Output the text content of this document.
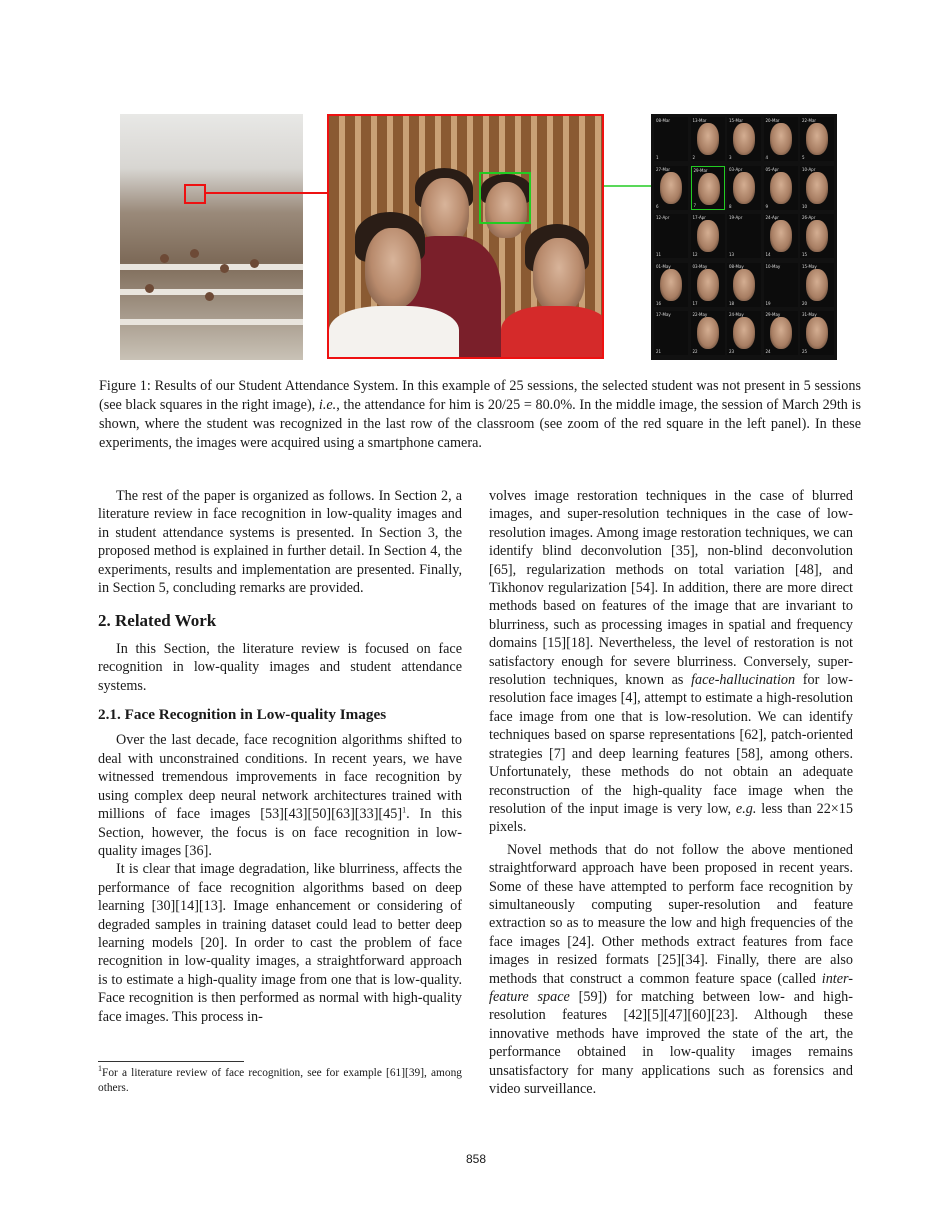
08-Mar
1
13-Mar
2
15-Mar
3
20-Mar
4
22-Mar
5
27-Mar
6
29-Mar
7
03-Apr
8
05-Apr
9
10-Apr
10
12-Apr
11
17-Apr
12
19-Apr
13
24-Apr
14
26-Apr
15
01-May
16
03-May
17
08-May
18
10-May
19
15-May
20
17-May
21
22-May
22
24-May
23
29-May
24
31-May
25
Figure 1: Results of our Student Attendance System. In this example of 25 sessions, the selected student was not present in 5 sessions (see black squares in the right image), i.e., the attendance for him is 20/25 = 80.0%. In the middle image, the session of March 29th is shown, where the student was recognized in the last row of the classroom (see zoom of the red square in the left panel). In these experiments, the images were acquired using a smartphone camera.

The rest of the paper is organized as follows. In Section 2, a literature review in face recognition in low-quality images and in student attendance systems is presented. In Section 3, the proposed method is explained in further detail. In Section 4, the experiments, results and implementation are presented. Finally, in Section 5, concluding remarks are provided.

2. Related Work

In this Section, the literature review is focused on face recognition in low-quality images and student attendance systems.

2.1. Face Recognition in Low-quality Images

Over the last decade, face recognition algorithms shifted to deal with unconstrained conditions. In recent years, we have witnessed tremendous improvements in face recognition by using complex deep neural network architectures trained with millions of face images $[53][43][50][63][33][45]^1$. In this Section, however, the focus is on face recognition in low-quality images [36].

It is clear that image degradation, like blurriness, affects the performance of face recognition algorithms based on deep learning [30][14][13]. Image enhancement or considering of degraded samples in training dataset could lead to better deep learning models [20]. In order to cast the problem of face recognition in low-quality images, a straightforward approach is to estimate a high-quality image from one that is low-quality. Face recognition is then performed as normal with high-quality face images. This process in-

$^1$For a literature review of face recognition, see for example [61][39], among others.

volves image restoration techniques in the case of blurred images, and super-resolution techniques in the case of low-resolution images. Among image restoration techniques, we can identify blind deconvolution [35], non-blind deconvolution [65], regularization methods on total variation [48], and Tikhonov regularization [54]. In addition, there are more direct methods based on features of the image that are invariant to blurriness, such as processing images in spatial and frequency domains [15][18]. Nevertheless, the level of restoration is not satisfactory enough for severe blurriness. Conversely, super-resolution techniques, known as face-hallucination for low-resolution face images [4], attempt to estimate a high-resolution face image from one that is low-resolution. We can identify techniques based on sparse representations [62], patch-oriented strategies [7] and deep learning features [58], among others. Unfortunately, these methods do not obtain an adequate reconstruction of the high-quality face image when the resolution of the input image is very low, e.g. less than 22×15 pixels.

Novel methods that do not follow the above mentioned straightforward approach have been proposed in recent years. Some of these have attempted to perform face recognition by simultaneously computing super-resolution and feature extraction so as to measure the low and high frequencies of the face images [24]. Other methods extract features from face images in resized formats [25][34]. Finally, there are also methods that construct a common feature space (called inter-feature space [59]) for matching between low- and high-resolution features [42][5][47][60][23]. Although these innovative methods have improved the state of the art, the performance obtained in low-quality images remains unsatisfactory for many applications such as forensics and video surveillance.

858
